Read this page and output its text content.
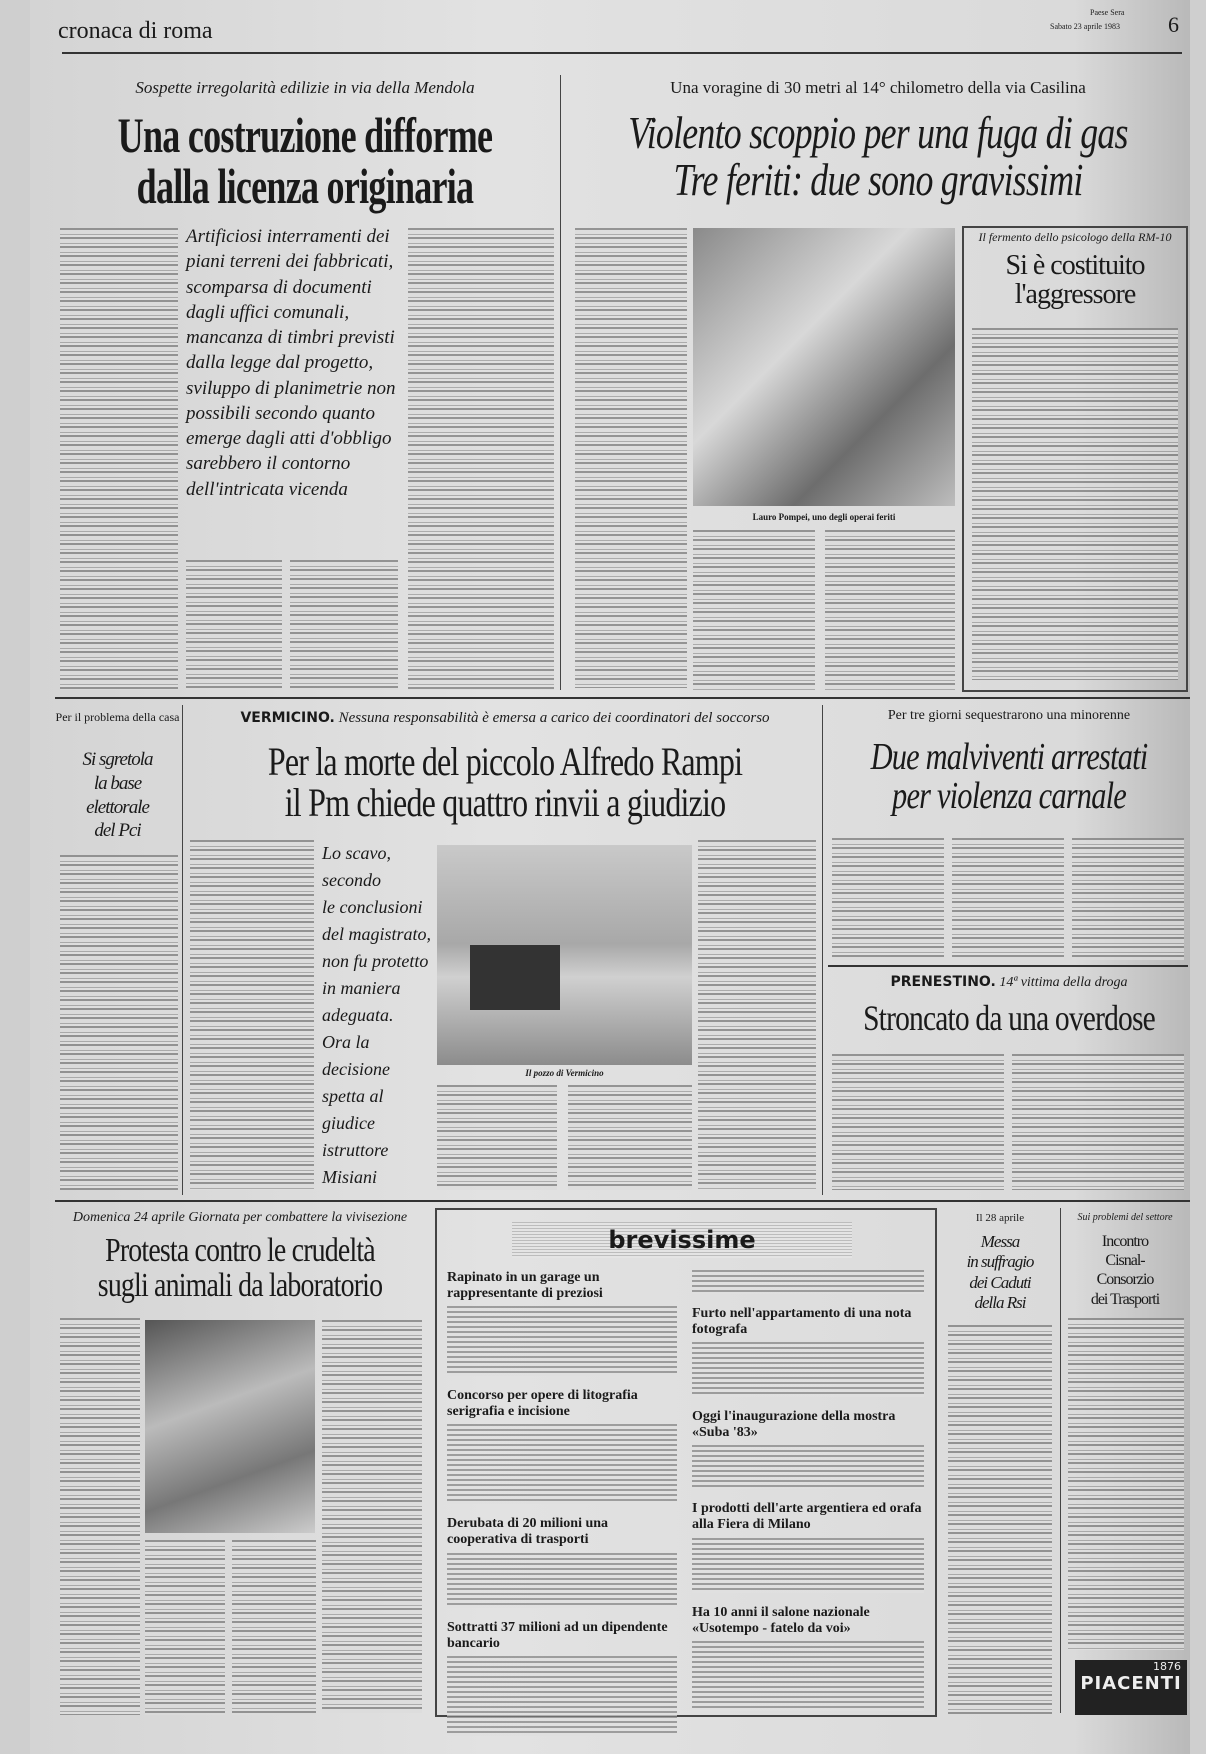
cronaca di roma
Paese Sera
Sabato 23 aprile 1983 6
Sospette irregolarità edilizie in via della Mendola
Una costruzione difforme
dalla licenza originaria
Artificiosi interramenti dei piani terreni dei fabbricati, scomparsa di documenti dagli uffici comunali, mancanza di timbri previsti dalla legge dal progetto, sviluppo di planimetrie non possibili secondo quanto emerge dagli atti d'obbligo sarebbero il contorno dell'intricata vicenda
Una voragine di 30 metri al 14° chilometro della via Casilina
Violento scoppio per una fuga di gas
Tre feriti: due sono gravissimi
Lauro Pompei, uno degli operai feriti
Il fermento dello psicologo della RM-10
Si è costituito
l'aggressore
Per il problema della casa
Si sgretola
la base
elettorale
del Pci
VERMICINO. Nessuna responsabilità è emersa a carico dei coordinatori del soccorso
Per la morte del piccolo Alfredo Rampi
il Pm chiede quattro rinvii a giudizio
Lo scavo, secondo
le conclusioni
del magistrato,
non fu protetto
in maniera
adeguata.
Ora la decisione
spetta al
giudice istruttore
Misiani
Il pozzo di Vermicino
Per tre giorni sequestrarono una minorenne
Due malviventi arrestati
per violenza carnale
PRENESTINO. 14ª vittima della droga
Stroncato da una overdose
Domenica 24 aprile Giornata per combattere la vivisezione
Protesta contro le crudeltà
sugli animali da laboratorio
brevissime
Rapinato in un garage un rappresentante di preziosi
Concorso per opere di litografia serigrafia e incisione
Derubata di 20 milioni una cooperativa di trasporti
Sottratti 37 milioni ad un dipendente bancario
Furto nell'appartamento di una nota fotografa
Oggi l'inaugurazione della mostra «Suba '83»
I prodotti dell'arte argentiera ed orafa alla Fiera di Milano
Ha 10 anni il salone nazionale «Usotempo - fatelo da voi»
Il 28 aprile
Messa
in suffragio
dei Caduti
della Rsi
Sui problemi del settore
Incontro
Cisnal-
Consorzio
dei Trasporti
1876
PIACENTI
